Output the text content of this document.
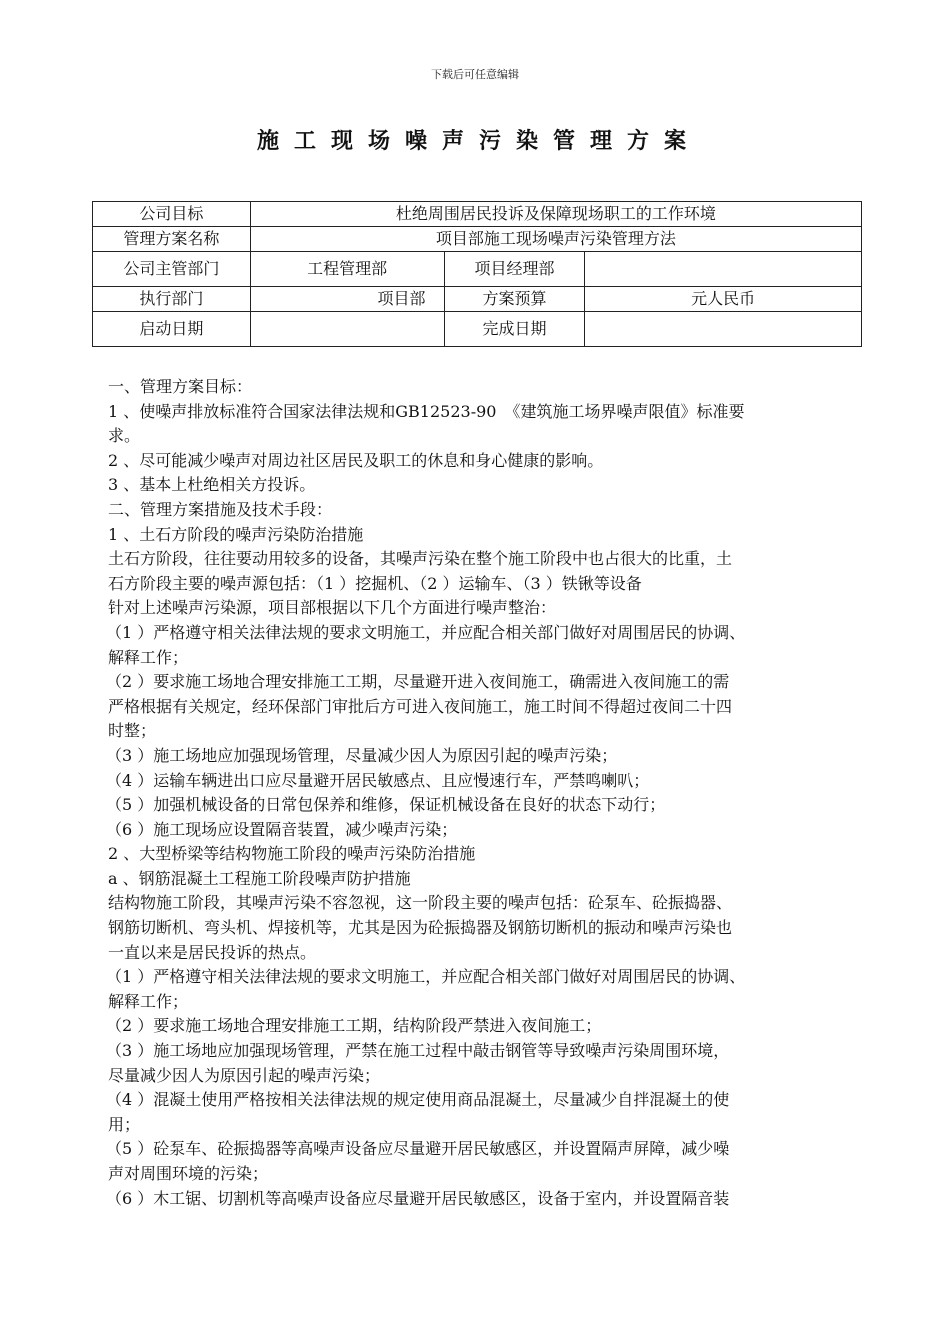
下载后可任意编辑
施工现场噪声污染管理方案
公司目标	杜绝周围居民投诉及保障现场职工的工作环境		
管理方案名称	项目部施工现场噪声污染管理方法		
公司主管部门	工程管理部	项目经理部	
执行部门	项目部	方案预算	元人民币
启动日期		完成日期	

一、管理方案目标：

1 、使噪声排放标准符合国家法律法规和GB12523-90　《建筑施工场界噪声限值》标准要

求。

2 、尽可能减少噪声对周边社区居民及职工的休息和身心健康的影响。

3 、基本上杜绝相关方投诉。

二、管理方案措施及技术手段：

1 、土石方阶段的噪声污染防治措施

土石方阶段，往往要动用较多的设备，其噪声污染在整个施工阶段中也占很大的比重，土

石方阶段主要的噪声源包括：（1 ）挖掘机、（2 ）运输车、（3 ）铁锹等设备

针对上述噪声污染源，项目部根据以下几个方面进行噪声整治：

（1 ）严格遵守相关法律法规的要求文明施工，并应配合相关部门做好对周围居民的协调、

解释工作；

（2 ）要求施工场地合理安排施工工期，尽量避开进入夜间施工，确需进入夜间施工的需

严格根据有关规定，经环保部门审批后方可进入夜间施工，施工时间不得超过夜间二十四

时整；

（3 ）施工场地应加强现场管理，尽量减少因人为原因引起的噪声污染；

（4 ）运输车辆进出口应尽量避开居民敏感点、且应慢速行车，严禁鸣喇叭；

（5 ）加强机械设备的日常包保养和维修，保证机械设备在良好的状态下动行；

（6 ）施工现场应设置隔音装置，减少噪声污染；

2 、大型桥梁等结构物施工阶段的噪声污染防治措施

a 、钢筋混凝土工程施工阶段噪声防护措施

结构物施工阶段，其噪声污染不容忽视，这一阶段主要的噪声包括：砼泵车、砼振捣器、

钢筋切断机、弯头机、焊接机等，尤其是因为砼振捣器及钢筋切断机的振动和噪声污染也

一直以来是居民投诉的热点。

（1 ）严格遵守相关法律法规的要求文明施工，并应配合相关部门做好对周围居民的协调、

解释工作；

（2 ）要求施工场地合理安排施工工期，结构阶段严禁进入夜间施工；

（3 ）施工场地应加强现场管理，严禁在施工过程中敲击钢管等导致噪声污染周围环境，

尽量减少因人为原因引起的噪声污染；

（4 ）混凝土使用严格按相关法律法规的规定使用商品混凝土，尽量减少自拌混凝土的使

用；

（5 ）砼泵车、砼振捣器等高噪声设备应尽量避开居民敏感区，并设置隔声屏障，减少噪

声对周围环境的污染；

（6 ）木工锯、切割机等高噪声设备应尽量避开居民敏感区，设备于室内，并设置隔音装
